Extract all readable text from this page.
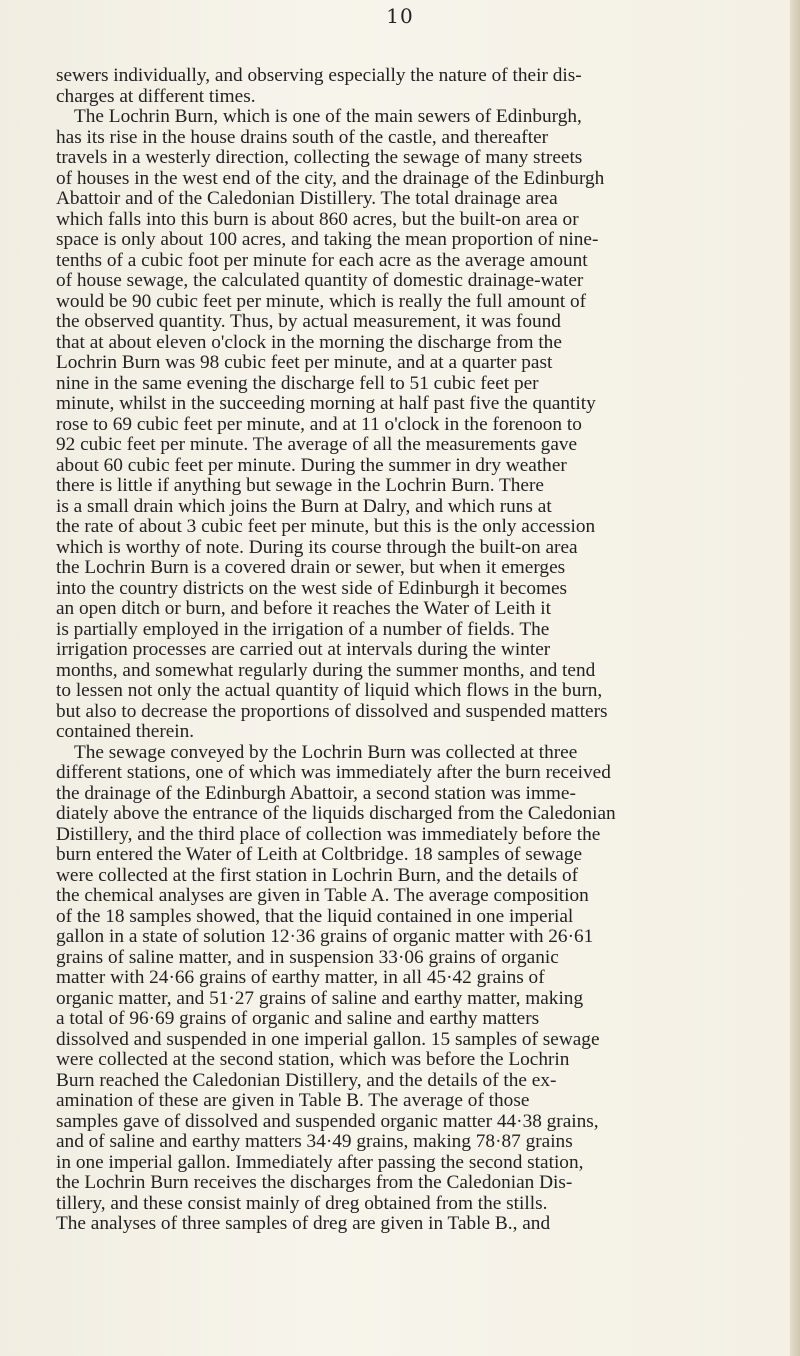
10
sewers individually, and observing especially the nature of their dis-
charges at different times.
The Lochrin Burn, which is one of the main sewers of Edinburgh,
has its rise in the house drains south of the castle, and thereafter
travels in a westerly direction, collecting the sewage of many streets
of houses in the west end of the city, and the drainage of the Edinburgh
Abattoir and of the Caledonian Distillery. The total drainage area
which falls into this burn is about 860 acres, but the built-on area or
space is only about 100 acres, and taking the mean proportion of nine-
tenths of a cubic foot per minute for each acre as the average amount
of house sewage, the calculated quantity of domestic drainage-water
would be 90 cubic feet per minute, which is really the full amount of
the observed quantity. Thus, by actual measurement, it was found
that at about eleven o'clock in the morning the discharge from the
Lochrin Burn was 98 cubic feet per minute, and at a quarter past
nine in the same evening the discharge fell to 51 cubic feet per
minute, whilst in the succeeding morning at half past five the quantity
rose to 69 cubic feet per minute, and at 11 o'clock in the forenoon to
92 cubic feet per minute. The average of all the measurements gave
about 60 cubic feet per minute. During the summer in dry weather
there is little if anything but sewage in the Lochrin Burn. There
is a small drain which joins the Burn at Dalry, and which runs at
the rate of about 3 cubic feet per minute, but this is the only accession
which is worthy of note. During its course through the built-on area
the Lochrin Burn is a covered drain or sewer, but when it emerges
into the country districts on the west side of Edinburgh it becomes
an open ditch or burn, and before it reaches the Water of Leith it
is partially employed in the irrigation of a number of fields. The
irrigation processes are carried out at intervals during the winter
months, and somewhat regularly during the summer months, and tend
to lessen not only the actual quantity of liquid which flows in the burn,
but also to decrease the proportions of dissolved and suspended matters
contained therein.
The sewage conveyed by the Lochrin Burn was collected at three
different stations, one of which was immediately after the burn received
the drainage of the Edinburgh Abattoir, a second station was imme-
diately above the entrance of the liquids discharged from the Caledonian
Distillery, and the third place of collection was immediately before the
burn entered the Water of Leith at Coltbridge. 18 samples of sewage
were collected at the first station in Lochrin Burn, and the details of
the chemical analyses are given in Table A. The average composition
of the 18 samples showed, that the liquid contained in one imperial
gallon in a state of solution 12·36 grains of organic matter with 26·61
grains of saline matter, and in suspension 33·06 grains of organic
matter with 24·66 grains of earthy matter, in all 45·42 grains of
organic matter, and 51·27 grains of saline and earthy matter, making
a total of 96·69 grains of organic and saline and earthy matters
dissolved and suspended in one imperial gallon. 15 samples of sewage
were collected at the second station, which was before the Lochrin
Burn reached the Caledonian Distillery, and the details of the ex-
amination of these are given in Table B. The average of those
samples gave of dissolved and suspended organic matter 44·38 grains,
and of saline and earthy matters 34·49 grains, making 78·87 grains
in one imperial gallon. Immediately after passing the second station,
the Lochrin Burn receives the discharges from the Caledonian Dis-
tillery, and these consist mainly of dreg obtained from the stills.
The analyses of three samples of dreg are given in Table B., and
